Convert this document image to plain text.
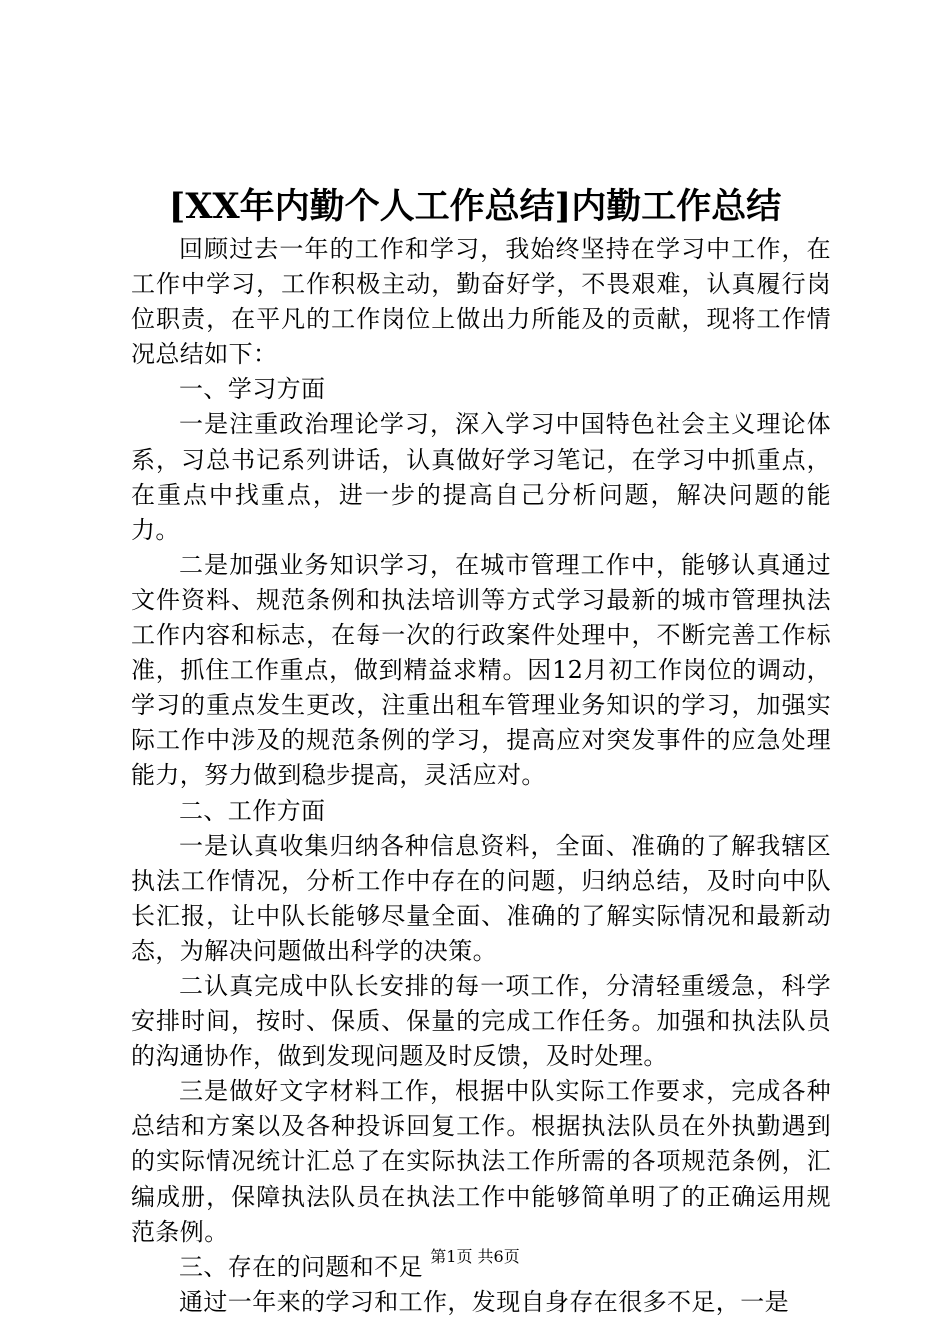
[XX年内勤个人工作总结]内勤工作总结

回顾过去一年的工作和学习，我始终坚持在学习中工作，在工作中学习，工作积极主动，勤奋好学，不畏艰难，认真履行岗位职责，在平凡的工作岗位上做出力所能及的贡献，现将工作情况总结如下：

一、学习方面

一是注重政治理论学习，深入学习中国特色社会主义理论体系，习总书记系列讲话，认真做好学习笔记，在学习中抓重点，在重点中找重点，进一步的提高自己分析问题，解决问题的能力。

二是加强业务知识学习，在城市管理工作中，能够认真通过文件资料、规范条例和执法培训等方式学习最新的城市管理执法工作内容和标志，在每一次的行政案件处理中，不断完善工作标准，抓住工作重点，做到精益求精。因12月初工作岗位的调动，学习的重点发生更改，注重出租车管理业务知识的学习，加强实际工作中涉及的规范条例的学习，提高应对突发事件的应急处理能力，努力做到稳步提高，灵活应对。

二、工作方面

一是认真收集归纳各种信息资料，全面、准确的了解我辖区执法工作情况，分析工作中存在的问题，归纳总结，及时向中队长汇报，让中队长能够尽量全面、准确的了解实际情况和最新动态，为解决问题做出科学的决策。

二认真完成中队长安排的每一项工作，分清轻重缓急，科学安排时间，按时、保质、保量的完成工作任务。加强和执法队员的沟通协作，做到发现问题及时反馈，及时处理。

三是做好文字材料工作，根据中队实际工作要求，完成各种总结和方案以及各种投诉回复工作。根据执法队员在外执勤遇到的实际情况统计汇总了在实际执法工作所需的各项规范条例，汇编成册，保障执法队员在执法工作中能够简单明了的正确运用规范条例。

三、存在的问题和不足

通过一年来的学习和工作，发现自身存在很多不足，一是

第1页 共6页
